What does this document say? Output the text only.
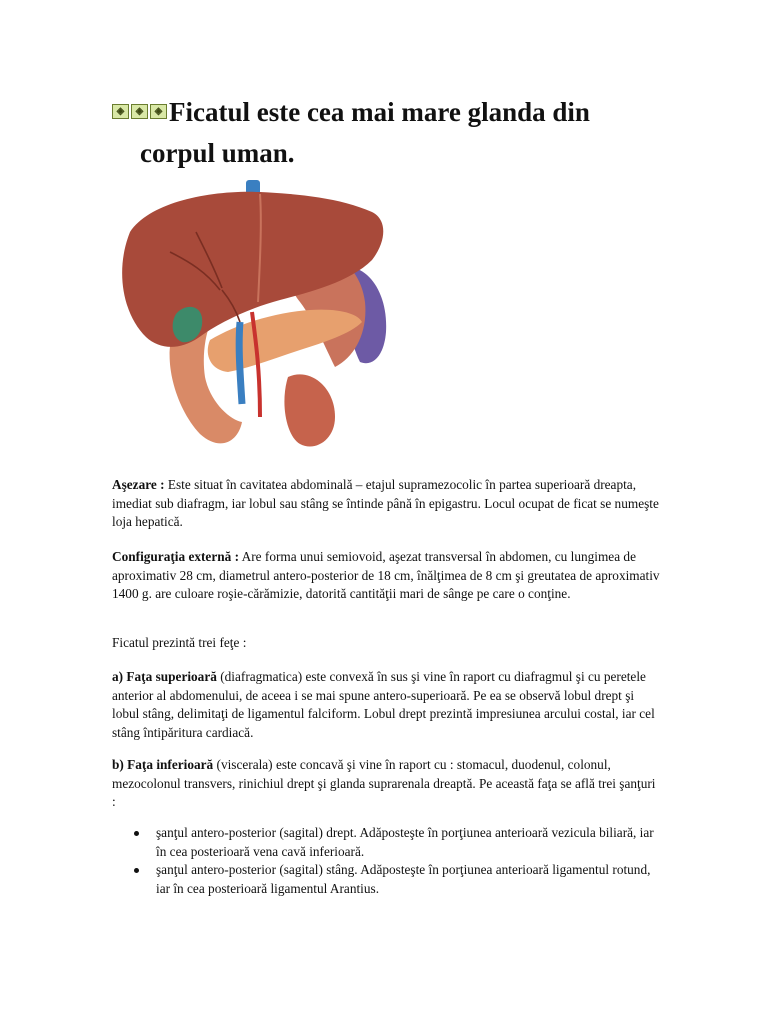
◈	◈	◈ Ficatul este cea mai mare glanda din
corpul uman.

Aşezare : Este situat în cavitatea abdominală – etajul supramezocolic în partea superioară dreapta, imediat sub diafragm, iar lobul sau stâng se întinde până în epigastru. Locul ocupat de ficat se numeşte loja hepatică.

Configuraţia externă : Are forma unui semiovoid, aşezat transversal în abdomen, cu lungimea de aproximativ 28 cm, diametrul antero-posterior de 18 cm, înălţimea de 8 cm şi greutatea de aproximativ 1400 g. are culoare roşie-cărămizie, datorită cantităţii mari de sânge pe care o conţine.

Ficatul prezintă trei feţe :

a) Faţa superioară (diafragmatica) este convexă în sus şi vine în raport cu diafragmul şi cu peretele anterior al abdomenului, de aceea i se mai spune antero-superioară. Pe ea se observă lobul drept şi lobul stâng, delimitaţi de ligamentul falciform. Lobul drept prezintă impresiunea arcului costal, iar cel stâng întipăritura cardiacă.

b) Faţa inferioară (viscerala) este concavă şi vine în raport cu : stomacul, duodenul, colonul, mezocolonul transvers, rinichiul drept şi glanda suprarenala dreaptă. Pe această faţa se află trei şanţuri :

şanţul antero-posterior (sagital) drept. Adăposteşte în porţiunea anterioară vezicula biliară, iar în cea posterioară vena cavă inferioară.
şanţul antero-posterior (sagital) stâng. Adăposteşte în porţiunea anterioară ligamentul rotund, iar în cea posterioară ligamentul Arantius.
